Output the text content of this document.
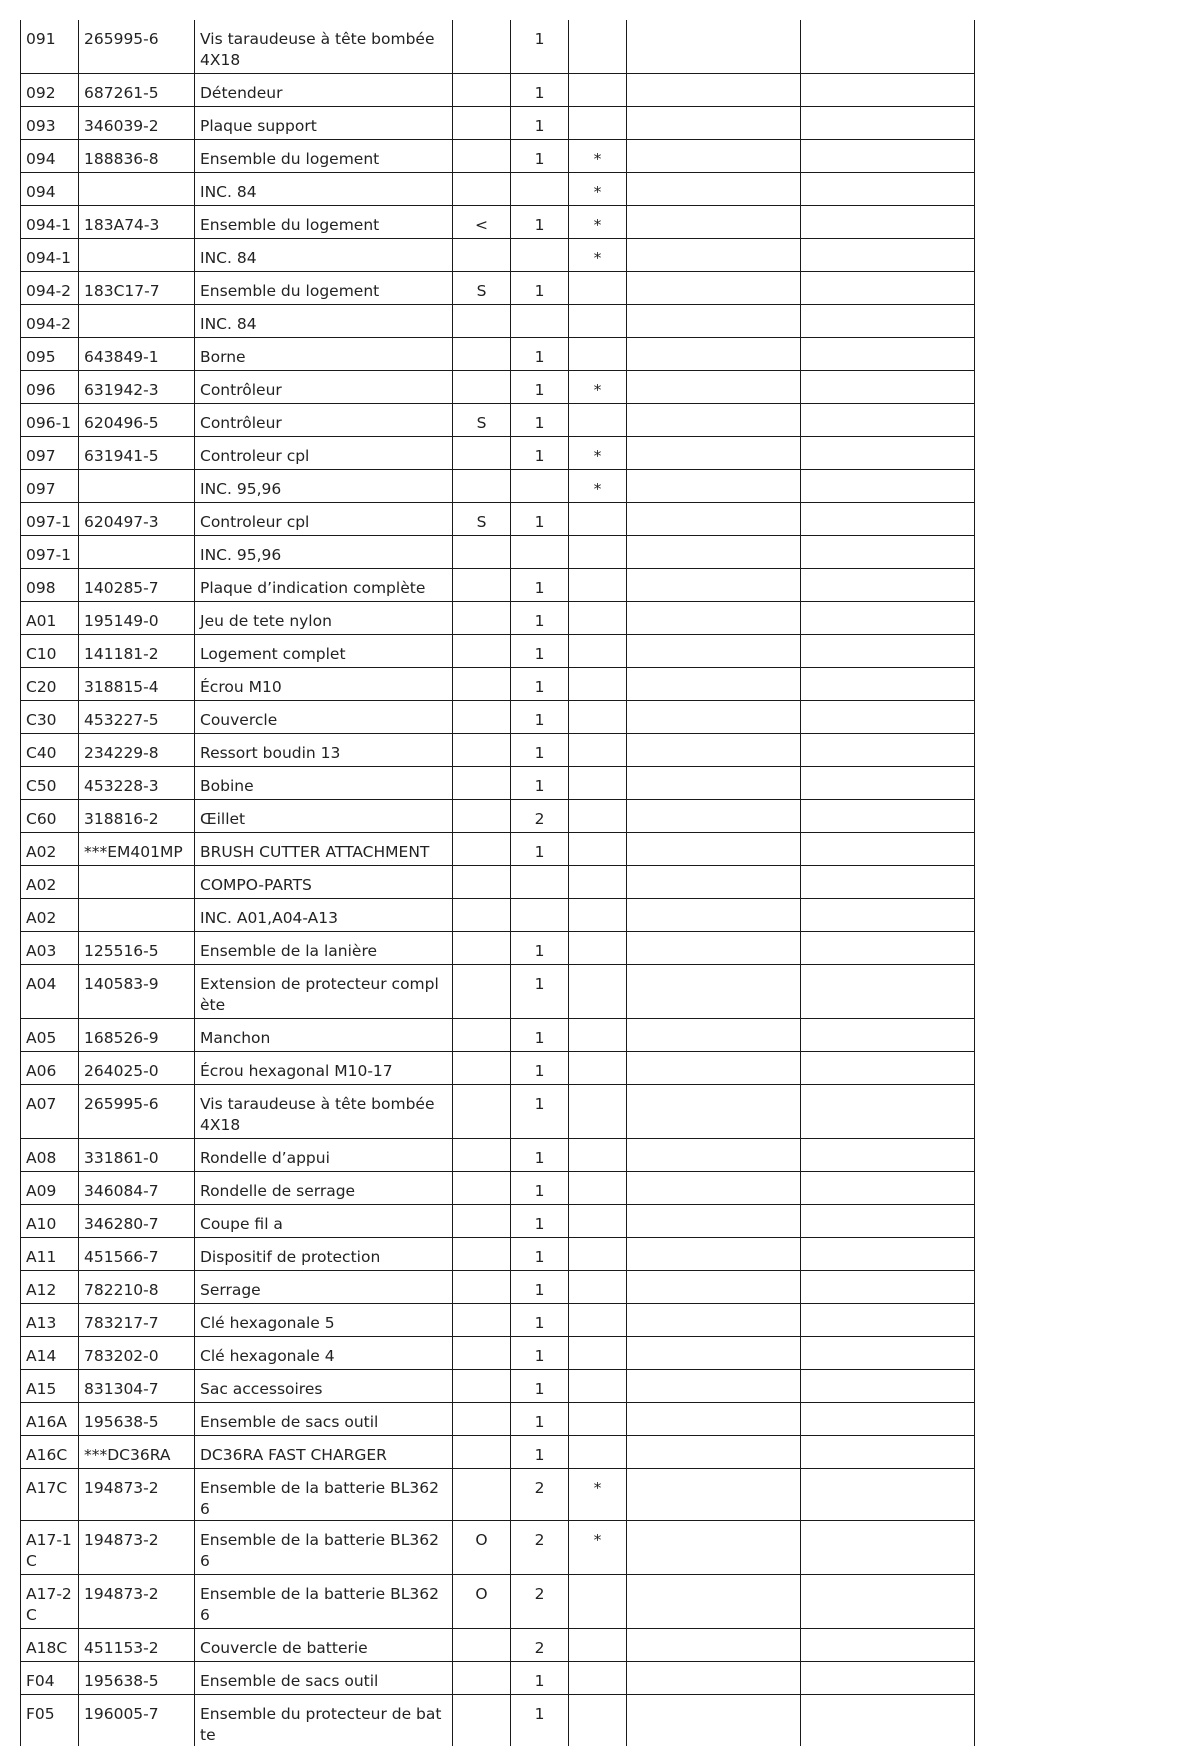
091	265995-6	Vis taraudeuse à tête bombée 4X18		1			
092	687261-5	Détendeur		1			
093	346039-2	Plaque support		1			
094	188836-8	Ensemble du logement		1	*		
094		INC. 84			*		
094-1	183A74-3	Ensemble du logement	<	1	*		
094-1		INC. 84			*		
094-2	183C17-7	Ensemble du logement	S	1			
094-2		INC. 84					
095	643849-1	Borne		1			
096	631942-3	Contrôleur		1	*		
096-1	620496-5	Contrôleur	S	1			
097	631941-5	Controleur cpl		1	*		
097		INC. 95,96			*		
097-1	620497-3	Controleur cpl	S	1			
097-1		INC. 95,96					
098	140285-7	Plaque d’indication complète		1			
A01	195149-0	Jeu de tete nylon		1			
C10	141181-2	Logement complet		1			
C20	318815-4	Écrou M10		1			
C30	453227-5	Couvercle		1			
C40	234229-8	Ressort boudin 13		1			
C50	453228-3	Bobine		1			
C60	318816-2	Œillet		2			
A02	***EM401MP	BRUSH CUTTER ATTACHMENT		1			
A02		COMPO-PARTS					
A02		INC. A01,A04-A13					
A03	125516-5	Ensemble de la lanière		1			
A04	140583-9	Extension de protecteur complète		1			
A05	168526-9	Manchon		1			
A06	264025-0	Écrou hexagonal M10-17		1			
A07	265995-6	Vis taraudeuse à tête bombée 4X18		1			
A08	331861-0	Rondelle d’appui		1			
A09	346084-7	Rondelle de serrage		1			
A10	346280-7	Coupe fil a		1			
A11	451566-7	Dispositif de protection		1			
A12	782210-8	Serrage		1			
A13	783217-7	Clé hexagonale 5		1			
A14	783202-0	Clé hexagonale 4		1			
A15	831304-7	Sac accessoires		1			
A16A	195638-5	Ensemble de sacs outil		1			
A16C	***DC36RA	DC36RA FAST CHARGER		1			
A17C	194873-2	Ensemble de la batterie BL3626		2	*		
A17-1C	194873-2	Ensemble de la batterie BL3626	O	2	*		
A17-2C	194873-2	Ensemble de la batterie BL3626	O	2			
A18C	451153-2	Couvercle de batterie		2			
F04	195638-5	Ensemble de sacs outil		1			
F05	196005-7	Ensemble du protecteur de batte		1			
